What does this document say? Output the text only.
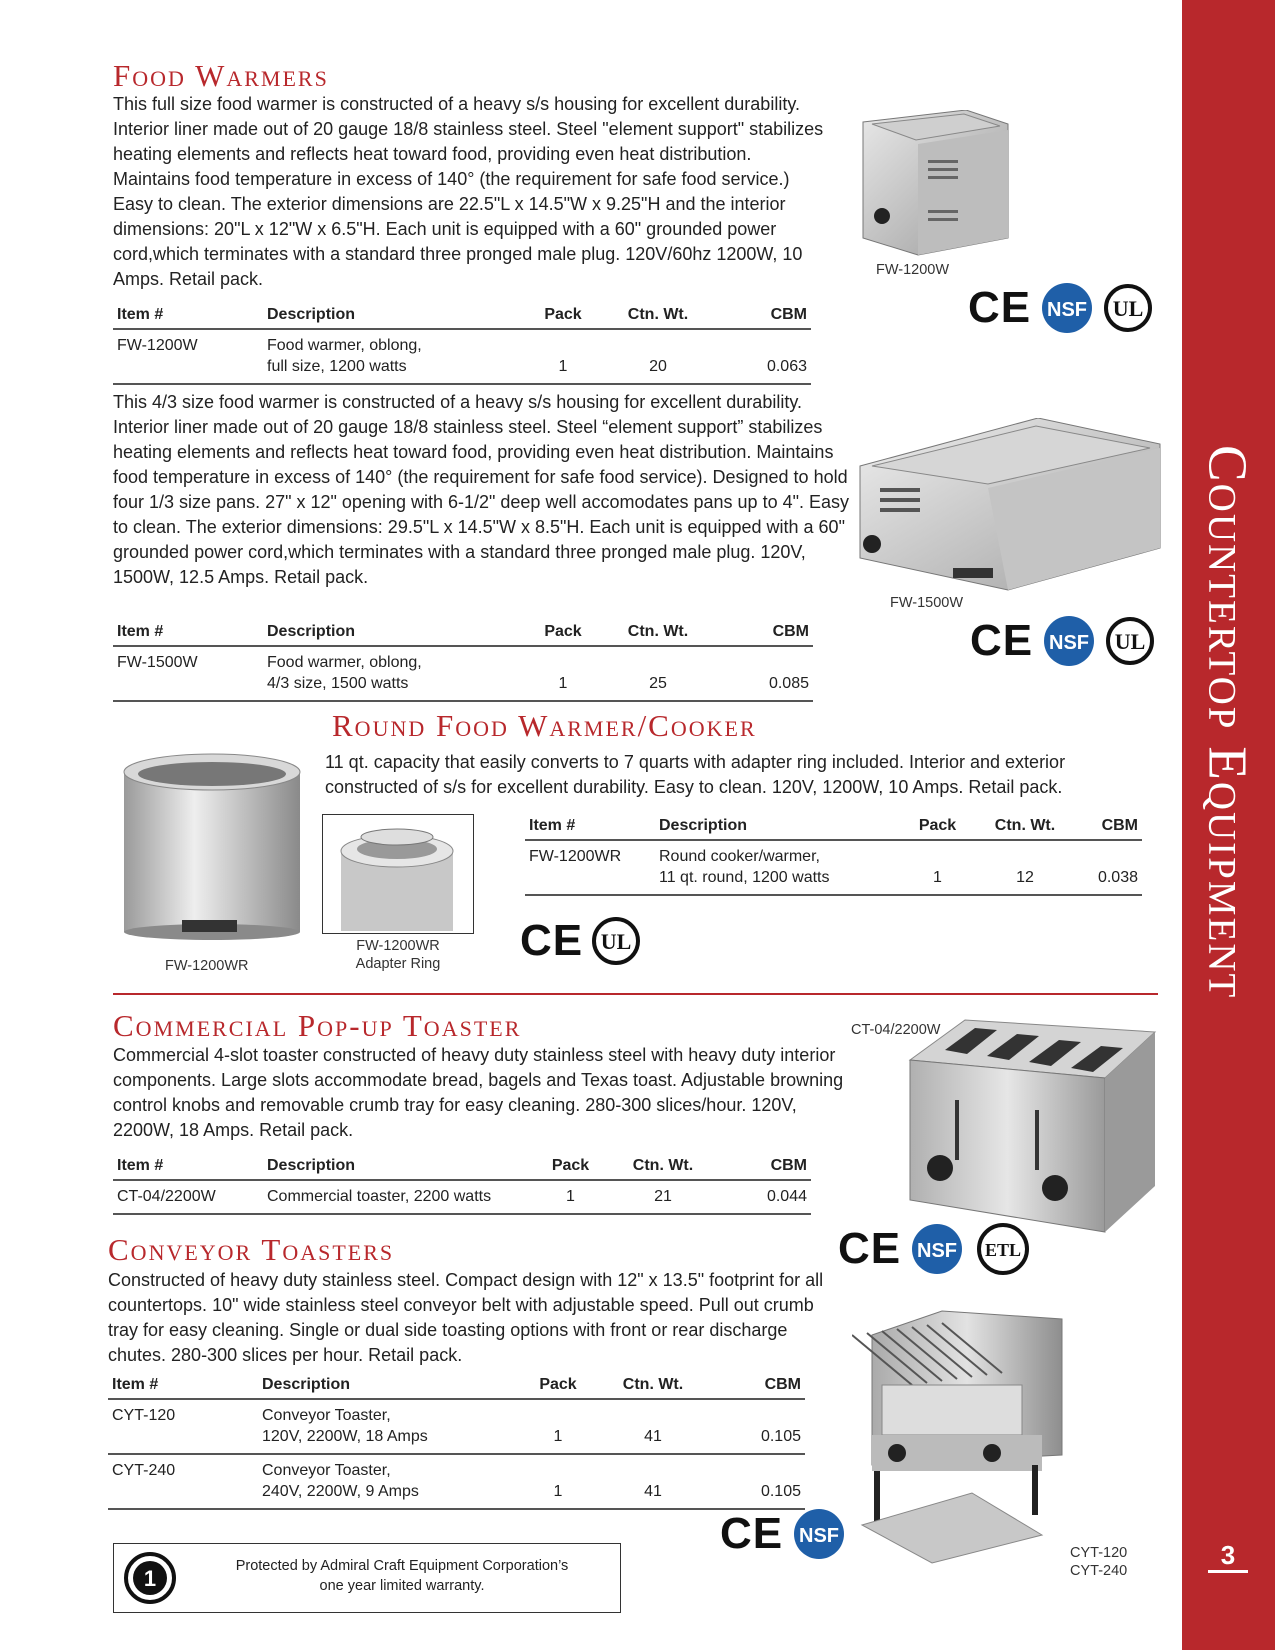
Countertop Equipment
3
Food Warmers
This full size food warmer is constructed of a heavy s/s housing for excellent durability. Interior liner made out of 20 gauge 18/8 stainless steel. Steel "element support" stabilizes heating elements and reflects heat toward food, providing even heat distribution. Maintains food temperature in excess of 140° (the requirement for safe food service.) Easy to clean. The exterior dimensions are 22.5"L x 14.5"W x 9.25"H and the interior dimensions: 20"L x 12"W x 6.5"H. Each unit is equipped with a 60" grounded power cord,which terminates with a standard three pronged male plug. 120V/60hz 1200W, 10 Amps. Retail pack.
Item #	Description	Pack	Ctn. Wt.	CBM
FW-1200W	Food warmer, oblong,
full size, 1200 watts	1	20	0.063
FW-1200W
CE NSF UL
This 4/3 size food warmer is constructed of a heavy s/s housing for excellent durability. Interior liner made out of 20 gauge 18/8 stainless steel. Steel “element support” stabilizes heating elements and reflects heat toward food, providing even heat distribution. Maintains food temperature in excess of 140° (the requirement for safe food service). Designed to hold four 1/3 size pans. 27" x 12" opening with 6-1/2" deep well accomodates pans up to 4". Easy to clean. The exterior dimensions: 29.5"L x 14.5"W x 8.5"H. Each unit is equipped with a 60" grounded power cord,which terminates with a standard three pronged male plug. 120V, 1500W, 12.5 Amps. Retail pack.
Item #	Description	Pack	Ctn. Wt.	CBM
FW-1500W	Food warmer, oblong,
4/3 size, 1500 watts	1	25	0.085
FW-1500W
CE NSF UL
Round Food Warmer/Cooker
11 qt. capacity that easily converts to 7 quarts with adapter ring included. Interior and exterior constructed of s/s for excellent durability. Easy to clean. 120V, 1200W, 10 Amps. Retail pack.
Item #	Description	Pack	Ctn. Wt.	CBM
FW-1200WR	Round cooker/warmer,
11 qt. round, 1200 watts	1	12	0.038
FW-1200WR
FW-1200WR
Adapter Ring	CE UL
Commercial Pop-up Toaster
Commercial 4-slot toaster constructed of heavy duty stainless steel with heavy duty interior components. Large slots accommodate bread, bagels and Texas toast. Adjustable browning control knobs and removable crumb tray for easy cleaning. 280-300 slices/hour. 120V, 2200W, 18 Amps. Retail pack.
Item #	Description	Pack	Ctn. Wt.	CBM
CT-04/2200W	Commercial toaster, 2200 watts	1	21	0.044
CT-04/2200W
CE NSF ETL
Conveyor Toasters
Constructed of heavy duty stainless steel. Compact design with 12" x 13.5" footprint for all countertops. 10" wide stainless steel conveyor belt with adjustable speed. Pull out crumb tray for easy cleaning. Single or dual side toasting options with front or rear discharge chutes. 280-300 slices per hour. Retail pack.
Item #	Description	Pack	Ctn. Wt.	CBM
CYT-120	Conveyor Toaster,
120V, 2200W, 18 Amps	1	41	0.105
CYT-240	Conveyor Toaster,
240V, 2200W, 9 Amps	1	41	0.105
CYT-120
CYT-240
CE NSF
1	Protected by Admiral Craft Equipment Corporation’s
one year limited warranty.
